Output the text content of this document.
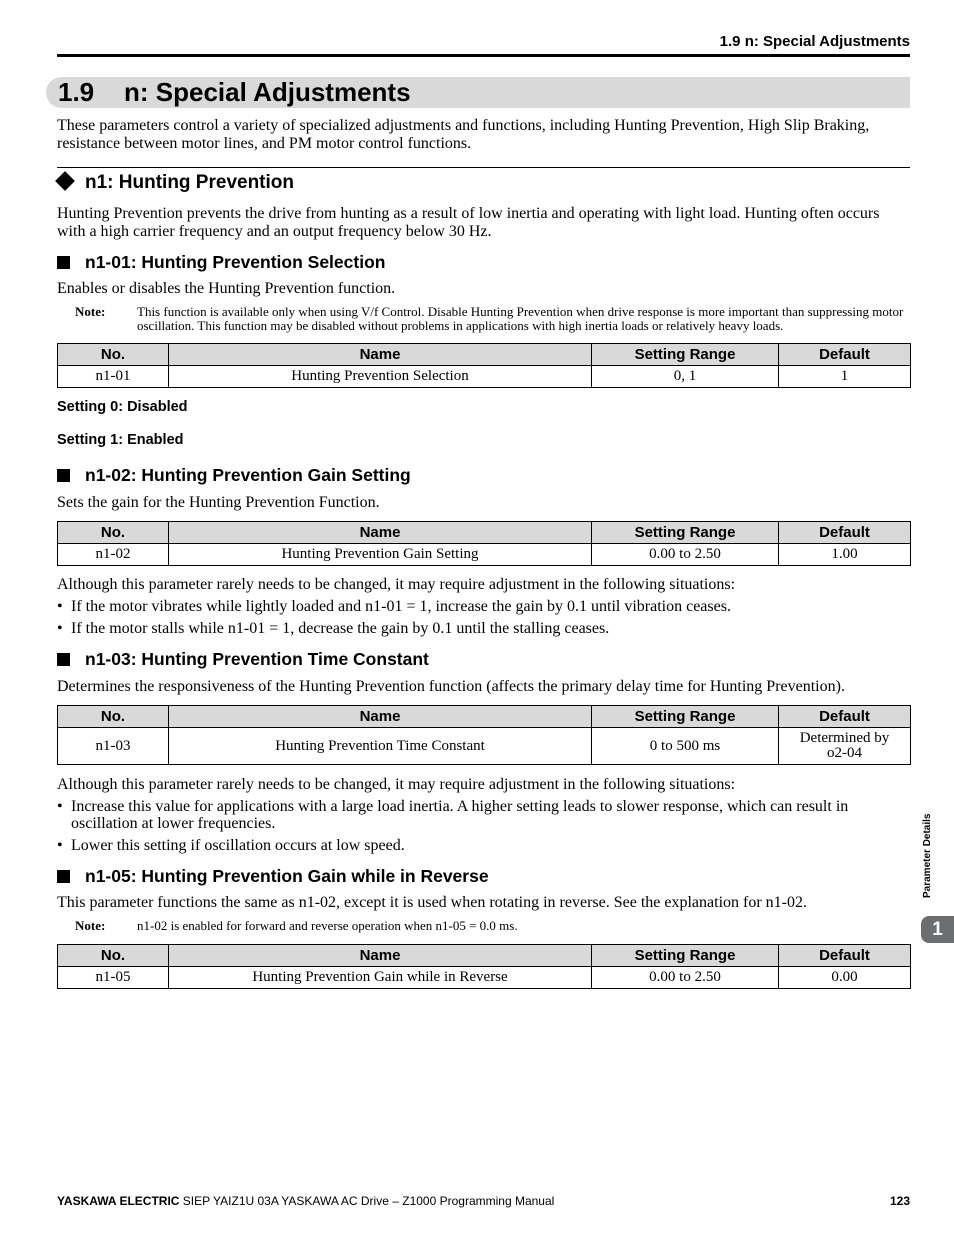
1.9 n: Special Adjustments
1.9 n: Special Adjustments
These parameters control a variety of specialized adjustments and functions, including Hunting Prevention, High Slip Braking, resistance between motor lines, and PM motor control functions.
n1: Hunting Prevention
Hunting Prevention prevents the drive from hunting as a result of low inertia and operating with light load. Hunting often occurs with a high carrier frequency and an output frequency below 30 Hz.
n1-01: Hunting Prevention Selection
Enables or disables the Hunting Prevention function.
Note: This function is available only when using V/f Control. Disable Hunting Prevention when drive response is more important than suppressing motor oscillation. This function may be disabled without problems in applications with high inertia loads or relatively heavy loads.
No.	Name	Setting Range	Default
n1-01	Hunting Prevention Selection	0, 1	1
Setting 0: Disabled
Setting 1: Enabled
n1-02: Hunting Prevention Gain Setting
Sets the gain for the Hunting Prevention Function.
No.	Name	Setting Range	Default
n1-02	Hunting Prevention Gain Setting	0.00 to 2.50	1.00
Although this parameter rarely needs to be changed, it may require adjustment in the following situations:
• If the motor vibrates while lightly loaded and n1-01 = 1, increase the gain by 0.1 until vibration ceases.
• If the motor stalls while n1-01 = 1, decrease the gain by 0.1 until the stalling ceases.
n1-03: Hunting Prevention Time Constant
Determines the responsiveness of the Hunting Prevention function (affects the primary delay time for Hunting Prevention).
No.	Name	Setting Range	Default
n1-03	Hunting Prevention Time Constant	0 to 500 ms	Determined by
o2-04
Although this parameter rarely needs to be changed, it may require adjustment in the following situations:
• Increase this value for applications with a large load inertia. A higher setting leads to slower response, which can result in oscillation at lower frequencies.
• Lower this setting if oscillation occurs at low speed.
n1-05: Hunting Prevention Gain while in Reverse
This parameter functions the same as n1-02, except it is used when rotating in reverse. See the explanation for n1-02.
Note: n1-02 is enabled for forward and reverse operation when n1-05 = 0.0 ms.
No.	Name	Setting Range	Default
n1-05	Hunting Prevention Gain while in Reverse	0.00 to 2.50	0.00
Parameter Details
1
YASKAWA ELECTRIC SIEP YAIZ1U 03A YASKAWA AC Drive – Z1000 Programming Manual	123
